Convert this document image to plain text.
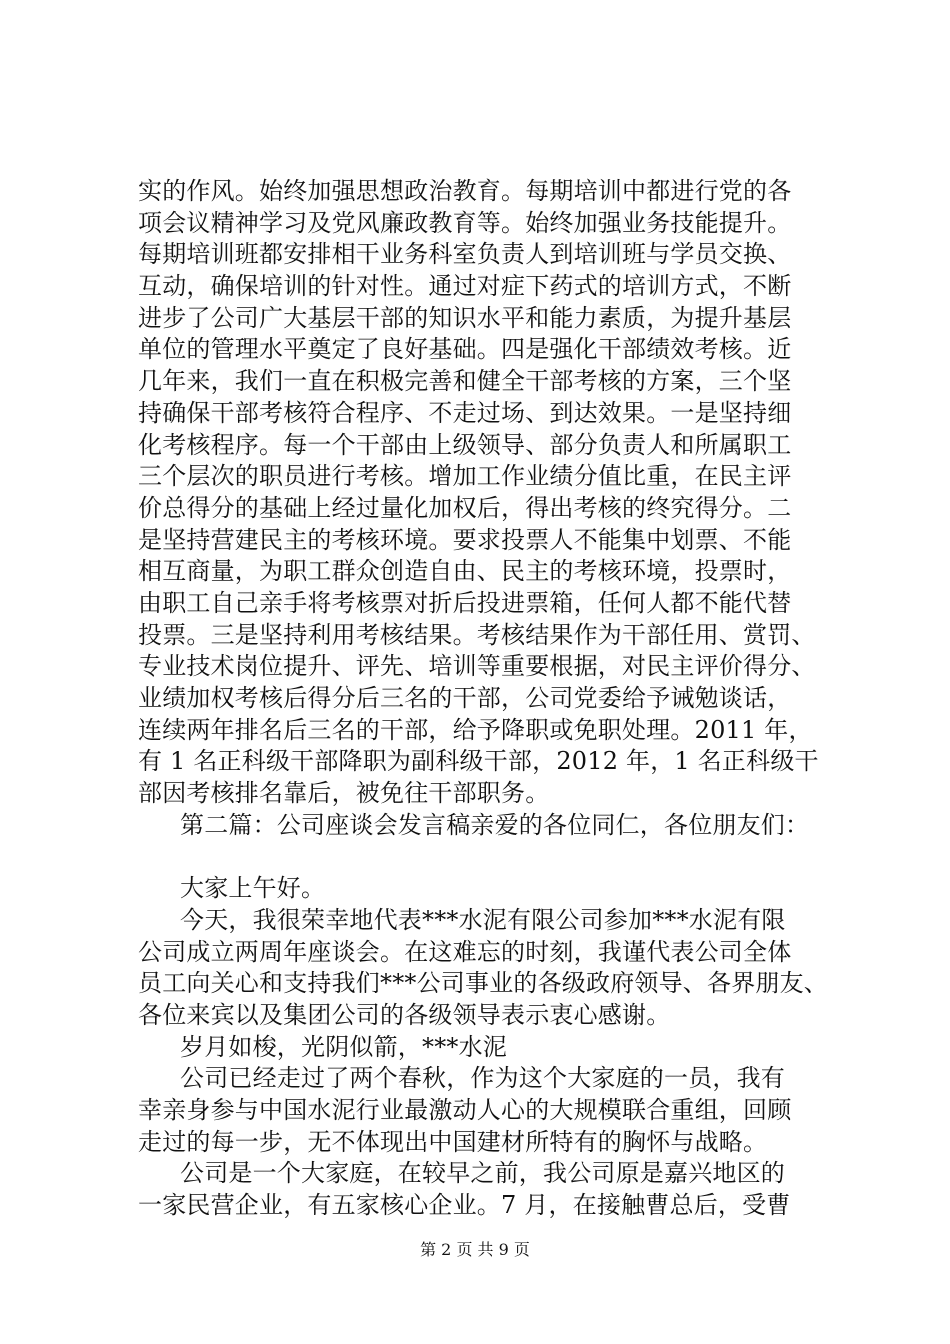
实的作风。始终加强思想政治教育。每期培训中都进行党的各
项会议精神学习及党风廉政教育等。始终加强业务技能提升。
每期培训班都安排相干业务科室负责人到培训班与学员交换、
互动，确保培训的针对性。通过对症下药式的培训方式，不断
进步了公司广大基层干部的知识水平和能力素质，为提升基层
单位的管理水平奠定了良好基础。四是强化干部绩效考核。近
几年来，我们一直在积极完善和健全干部考核的方案，三个坚
持确保干部考核符合程序、不走过场、到达效果。一是坚持细
化考核程序。每一个干部由上级领导、部分负责人和所属职工
三个层次的职员进行考核。增加工作业绩分值比重，在民主评
价总得分的基础上经过量化加权后，得出考核的终究得分。二
是坚持营建民主的考核环境。要求投票人不能集中划票、不能
相互商量，为职工群众创造自由、民主的考核环境，投票时，
由职工自己亲手将考核票对折后投进票箱，任何人都不能代替
投票。三是坚持利用考核结果。考核结果作为干部任用、赏罚、
专业技术岗位提升、评先、培训等重要根据，对民主评价得分、
业绩加权考核后得分后三名的干部，公司党委给予诫勉谈话，
连续两年排名后三名的干部，给予降职或免职处理。2011 年，
有 1 名正科级干部降职为副科级干部，2012 年，1 名正科级干
部因考核排名靠后，被免往干部职务。
第二篇：公司座谈会发言稿亲爱的各位同仁，各位朋友们：
大家上午好。
今天，我很荣幸地代表***水泥有限公司参加***水泥有限
公司成立两周年座谈会。在这难忘的时刻，我谨代表公司全体
员工向关心和支持我们***公司事业的各级政府领导、各界朋友、
各位来宾以及集团公司的各级领导表示衷心感谢。
岁月如梭，光阴似箭，***水泥
公司已经走过了两个春秋，作为这个大家庭的一员，我有
幸亲身参与中国水泥行业最激动人心的大规模联合重组，回顾
走过的每一步，无不体现出中国建材所特有的胸怀与战略。
公司是一个大家庭，在较早之前，我公司原是嘉兴地区的
一家民营企业，有五家核心企业。7 月，在接触曹总后，受曹
第 2 页 共 9 页
